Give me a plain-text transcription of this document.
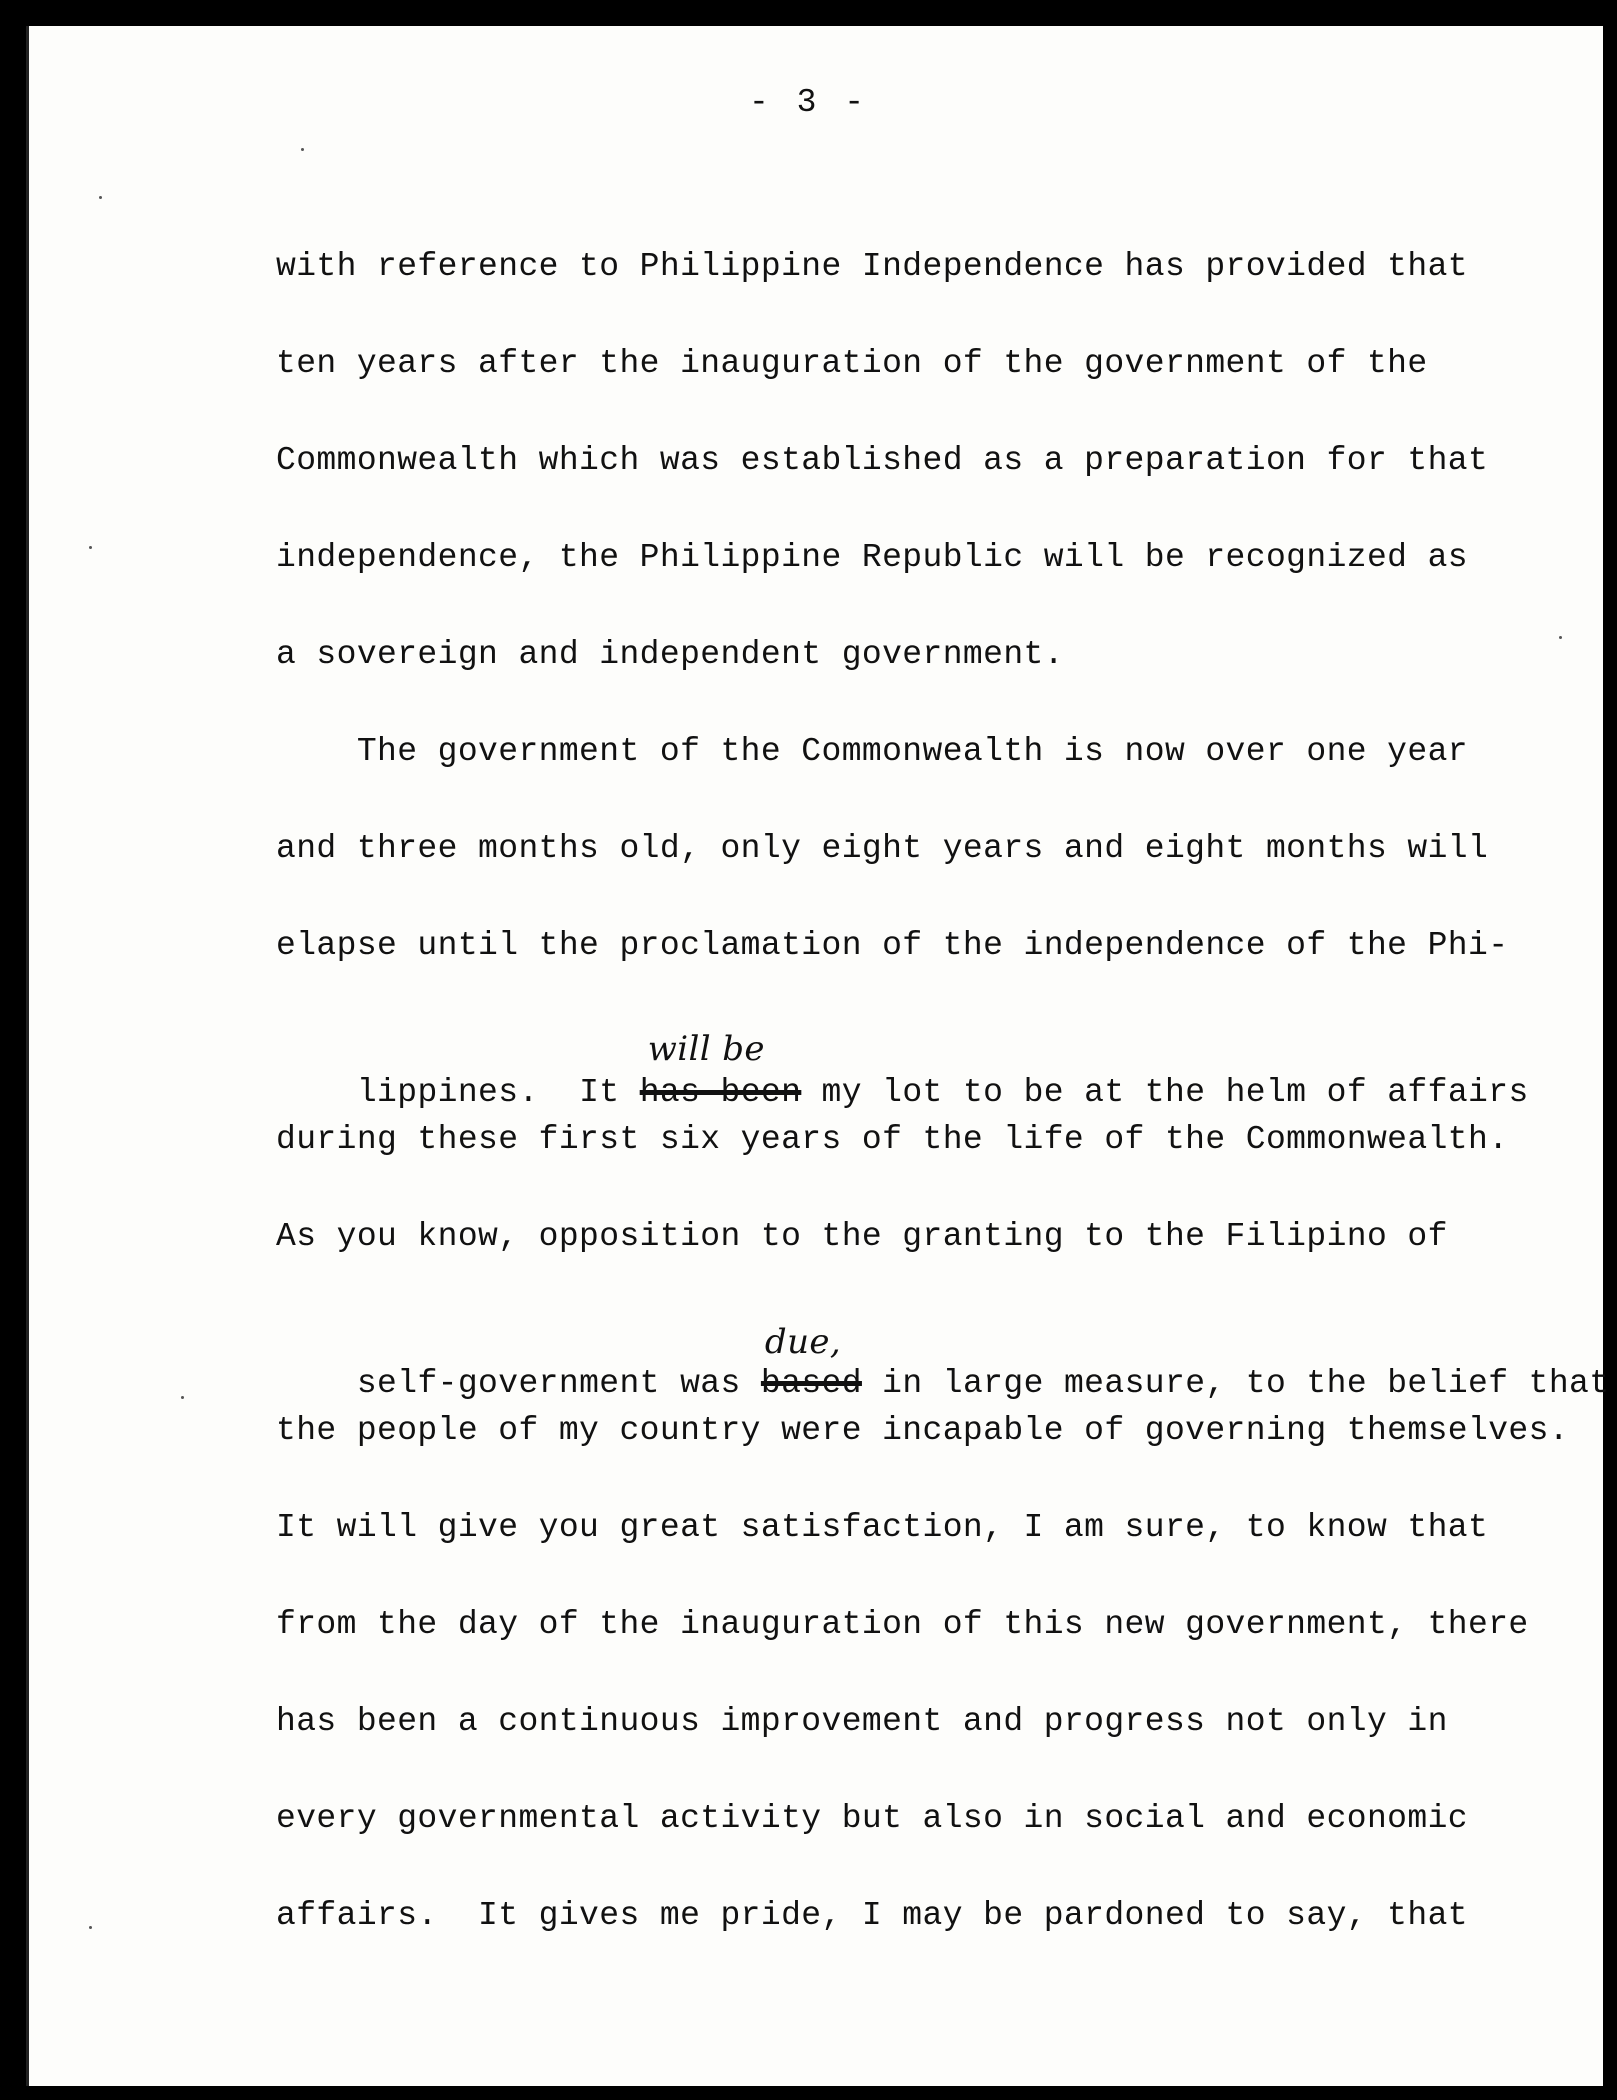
- 3 -
with reference to Philippine Independence has provided that
ten years after the inauguration of the government of the
Commonwealth which was established as a preparation for that
independence, the Philippine Republic will be recognized as
a sovereign and independent government.
The government of the Commonwealth is now over one year
and three months old, only eight years and eight months will
elapse until the proclamation of the independence of the Phi-

lippines.  It has been
will be
my lot to be at the helm of affairs

during these first six years of the life of the Commonwealth.
As you know, opposition to the granting to the Filipino of

self-government was based
due,
in large measure, to the belief that

the people of my country were incapable of governing themselves.
It will give you great satisfaction, I am sure, to know that
from the day of the inauguration of this new government, there
has been a continuous improvement and progress not only in
every governmental activity but also in social and economic
affairs.  It gives me pride, I may be pardoned to say, that
